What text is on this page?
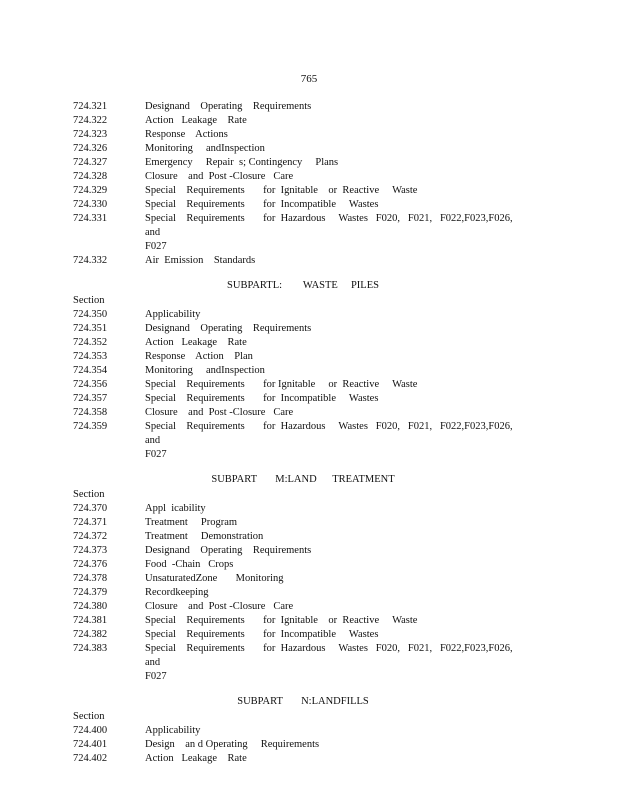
765
724.321	Designand    Operating    Requirements
724.322	Action   Leakage    Rate
724.323	Response    Actions
724.326	Monitoring     andInspection
724.327	Emergency     Repair  s; Contingency     Plans
724.328	Closure    and  Post -Closure   Care
724.329	Special    Requirements       for  Ignitable    or  Reactive     Waste
724.330	Special    Requirements       for  Incompatible     Wastes
724.331	Special    Requirements       for  Hazardous     Wastes   F020,   F021,   F022,F023,F026,        and
F027
724.332	Air  Emission    Standards
SUBPARTL:        WASTE     PILES
Section
724.350	Applicability
724.351	Designand    Operating    Requirements
724.352	Action   Leakage    Rate
724.353	Response    Action    Plan
724.354	Monitoring     andInspection
724.356	Special    Requirements       for Ignitable     or  Reactive     Waste
724.357	Special    Requirements       for  Incompatible     Wastes
724.358	Closure    and  Post -Closure   Care
724.359	Special    Requirements       for  Hazardous     Wastes   F020,   F021,   F022,F023,F026,        and
F027
SUBPART       M:LAND      TREATMENT
Section
724.370	Appl  icability
724.371	Treatment     Program
724.372	Treatment     Demonstration
724.373	Designand    Operating    Requirements
724.376	Food  -Chain   Crops
724.378	UnsaturatedZone       Monitoring
724.379	Recordkeeping
724.380	Closure    and  Post -Closure   Care
724.381	Special    Requirements       for  Ignitable    or  Reactive     Waste
724.382	Special    Requirements       for  Incompatible     Wastes
724.383	Special    Requirements       for  Hazardous     Wastes   F020,   F021,   F022,F023,F026,        and
F027
SUBPART       N:LANDFILLS
Section
724.400	Applicability
724.401	Design    an d Operating     Requirements
724.402	Action   Leakage    Rate
